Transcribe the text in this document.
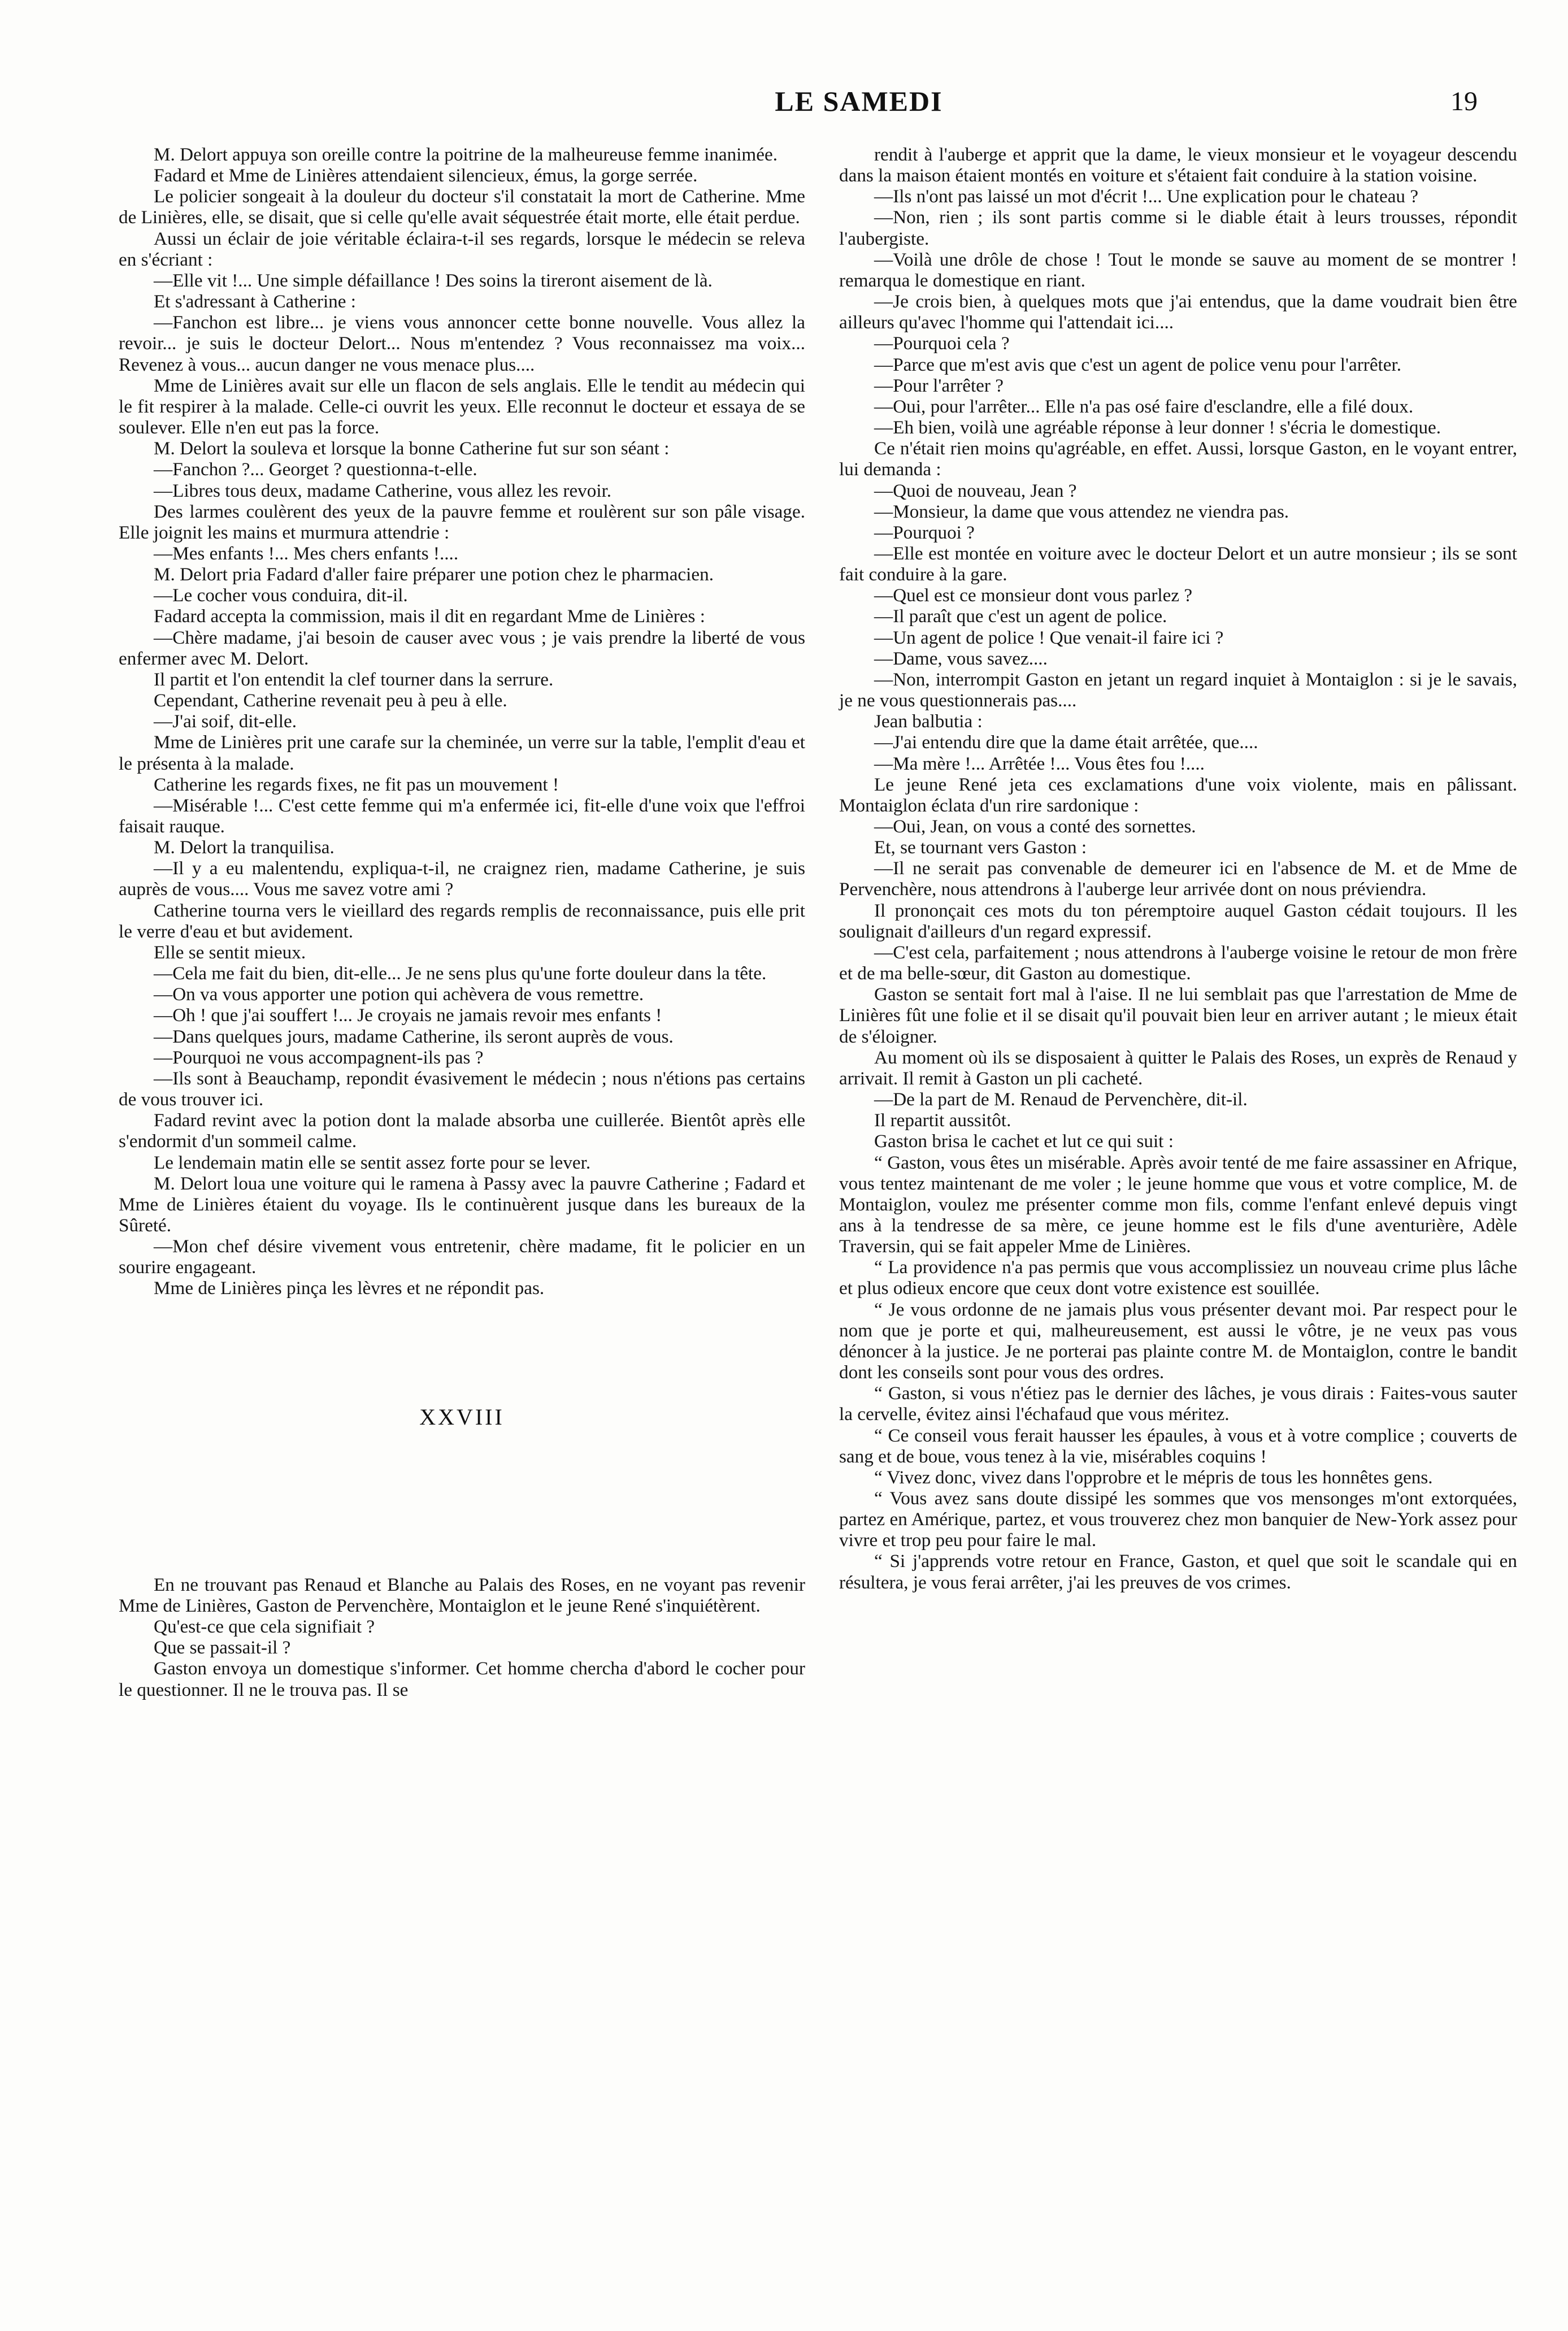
LE SAMEDI	19

M. Delort appuya son oreille contre la poitrine de la malheureuse femme inanimée.

Fadard et Mme de Linières attendaient silencieux, émus, la gorge serrée.

Le policier songeait à la douleur du docteur s'il constatait la mort de Catherine. Mme de Linières, elle, se disait, que si celle qu'elle avait séquestrée était morte, elle était perdue.

Aussi un éclair de joie véritable éclaira-t-il ses regards, lorsque le médecin se releva en s'écriant :

—Elle vit !... Une simple défaillance ! Des soins la tireront aisement de là.

Et s'adressant à Catherine :

—Fanchon est libre... je viens vous annoncer cette bonne nouvelle. Vous allez la revoir... je suis le docteur Delort... Nous m'entendez ? Vous reconnaissez ma voix... Revenez à vous... aucun danger ne vous menace plus....

Mme de Linières avait sur elle un flacon de sels anglais. Elle le tendit au médecin qui le fit respirer à la malade. Celle-ci ouvrit les yeux. Elle reconnut le docteur et essaya de se soulever. Elle n'en eut pas la force.

M. Delort la souleva et lorsque la bonne Catherine fut sur son séant :

—Fanchon ?... Georget ? questionna-t-elle.

—Libres tous deux, madame Catherine, vous allez les revoir.

Des larmes coulèrent des yeux de la pauvre femme et roulèrent sur son pâle visage. Elle joignit les mains et murmura attendrie :

—Mes enfants !... Mes chers enfants !....

M. Delort pria Fadard d'aller faire préparer une potion chez le pharmacien.

—Le cocher vous conduira, dit-il.

Fadard accepta la commission, mais il dit en regardant Mme de Linières :

—Chère madame, j'ai besoin de causer avec vous ; je vais prendre la liberté de vous enfermer avec M. Delort.

Il partit et l'on entendit la clef tourner dans la serrure.

Cependant, Catherine revenait peu à peu à elle.

—J'ai soif, dit-elle.

Mme de Linières prit une carafe sur la cheminée, un verre sur la table, l'emplit d'eau et le présenta à la malade.

Catherine les regards fixes, ne fit pas un mouvement !

—Misérable !... C'est cette femme qui m'a enfermée ici, fit-elle d'une voix que l'effroi faisait rauque.

M. Delort la tranquilisa.

—Il y a eu malentendu, expliqua-t-il, ne craignez rien, madame Catherine, je suis auprès de vous.... Vous me savez votre ami ?

Catherine tourna vers le vieillard des regards remplis de reconnaissance, puis elle prit le verre d'eau et but avidement.

Elle se sentit mieux.

—Cela me fait du bien, dit-elle... Je ne sens plus qu'une forte douleur dans la tête.

—On va vous apporter une potion qui achèvera de vous remettre.

—Oh ! que j'ai souffert !... Je croyais ne jamais revoir mes enfants !

—Dans quelques jours, madame Catherine, ils seront auprès de vous.

—Pourquoi ne vous accompagnent-ils pas ?

—Ils sont à Beauchamp, repondit évasivement le médecin ; nous n'étions pas certains de vous trouver ici.

Fadard revint avec la potion dont la malade absorba une cuillerée. Bientôt après elle s'endormit d'un sommeil calme.

Le lendemain matin elle se sentit assez forte pour se lever.

M. Delort loua une voiture qui le ramena à Passy avec la pauvre Catherine ; Fadard et Mme de Linières étaient du voyage. Ils le continuèrent jusque dans les bureaux de la Sûreté.

—Mon chef désire vivement vous entretenir, chère madame, fit le policier en un sourire engageant.

Mme de Linières pinça les lèvres et ne répondit pas.

XXVIII

En ne trouvant pas Renaud et Blanche au Palais des Roses, en ne voyant pas revenir Mme de Linières, Gaston de Pervenchère, Montaiglon et le jeune René s'inquiétèrent.

Qu'est-ce que cela signifiait ?

Que se passait-il ?

Gaston envoya un domestique s'informer. Cet homme chercha d'abord le cocher pour le questionner. Il ne le trouva pas. Il se

rendit à l'auberge et apprit que la dame, le vieux monsieur et le voyageur descendu dans la maison étaient montés en voiture et s'étaient fait conduire à la station voisine.

—Ils n'ont pas laissé un mot d'écrit !... Une explication pour le chateau ?

—Non, rien ; ils sont partis comme si le diable était à leurs trousses, répondit l'aubergiste.

—Voilà une drôle de chose ! Tout le monde se sauve au moment de se montrer ! remarqua le domestique en riant.

—Je crois bien, à quelques mots que j'ai entendus, que la dame voudrait bien être ailleurs qu'avec l'homme qui l'attendait ici....

—Pourquoi cela ?

—Parce que m'est avis que c'est un agent de police venu pour l'arrêter.

—Pour l'arrêter ?

—Oui, pour l'arrêter... Elle n'a pas osé faire d'esclandre, elle a filé doux.

—Eh bien, voilà une agréable réponse à leur donner ! s'écria le domestique.

Ce n'était rien moins qu'agréable, en effet. Aussi, lorsque Gaston, en le voyant entrer, lui demanda :

—Quoi de nouveau, Jean ?

—Monsieur, la dame que vous attendez ne viendra pas.

—Pourquoi ?

—Elle est montée en voiture avec le docteur Delort et un autre monsieur ; ils se sont fait conduire à la gare.

—Quel est ce monsieur dont vous parlez ?

—Il paraît que c'est un agent de police.

—Un agent de police ! Que venait-il faire ici ?

—Dame, vous savez....

—Non, interrompit Gaston en jetant un regard inquiet à Montaiglon : si je le savais, je ne vous questionnerais pas....

Jean balbutia :

—J'ai entendu dire que la dame était arrêtée, que....

—Ma mère !... Arrêtée !... Vous êtes fou !....

Le jeune René jeta ces exclamations d'une voix violente, mais en pâlissant. Montaiglon éclata d'un rire sardonique :

—Oui, Jean, on vous a conté des sornettes.

Et, se tournant vers Gaston :

—Il ne serait pas convenable de demeurer ici en l'absence de M. et de Mme de Pervenchère, nous attendrons à l'auberge leur arrivée dont on nous préviendra.

Il prononçait ces mots du ton péremptoire auquel Gaston cédait toujours. Il les soulignait d'ailleurs d'un regard expressif.

—C'est cela, parfaitement ; nous attendrons à l'auberge voisine le retour de mon frère et de ma belle-sœur, dit Gaston au domestique.

Gaston se sentait fort mal à l'aise. Il ne lui semblait pas que l'arrestation de Mme de Linières fût une folie et il se disait qu'il pouvait bien leur en arriver autant ; le mieux était de s'éloigner.

Au moment où ils se disposaient à quitter le Palais des Roses, un exprès de Renaud y arrivait. Il remit à Gaston un pli cacheté.

—De la part de M. Renaud de Pervenchère, dit-il.

Il repartit aussitôt.

Gaston brisa le cachet et lut ce qui suit :

“ Gaston, vous êtes un misérable. Après avoir tenté de me faire assassiner en Afrique, vous tentez maintenant de me voler ; le jeune homme que vous et votre complice, M. de Montaiglon, voulez me présenter comme mon fils, comme l'enfant enlevé depuis vingt ans à la tendresse de sa mère, ce jeune homme est le fils d'une aventurière, Adèle Traversin, qui se fait appeler Mme de Linières.

“ La providence n'a pas permis que vous accomplissiez un nouveau crime plus lâche et plus odieux encore que ceux dont votre existence est souillée.

“ Je vous ordonne de ne jamais plus vous présenter devant moi. Par respect pour le nom que je porte et qui, malheureusement, est aussi le vôtre, je ne veux pas vous dénoncer à la justice. Je ne porterai pas plainte contre M. de Montaiglon, contre le bandit dont les conseils sont pour vous des ordres.

“ Gaston, si vous n'étiez pas le dernier des lâches, je vous dirais : Faites-vous sauter la cervelle, évitez ainsi l'échafaud que vous méritez.

“ Ce conseil vous ferait hausser les épaules, à vous et à votre complice ; couverts de sang et de boue, vous tenez à la vie, misérables coquins !

“ Vivez donc, vivez dans l'opprobre et le mépris de tous les honnêtes gens.

“ Vous avez sans doute dissipé les sommes que vos mensonges m'ont extorquées, partez en Amérique, partez, et vous trouverez chez mon banquier de New-York assez pour vivre et trop peu pour faire le mal.

“ Si j'apprends votre retour en France, Gaston, et quel que soit le scandale qui en résultera, je vous ferai arrêter, j'ai les preuves de vos crimes.
